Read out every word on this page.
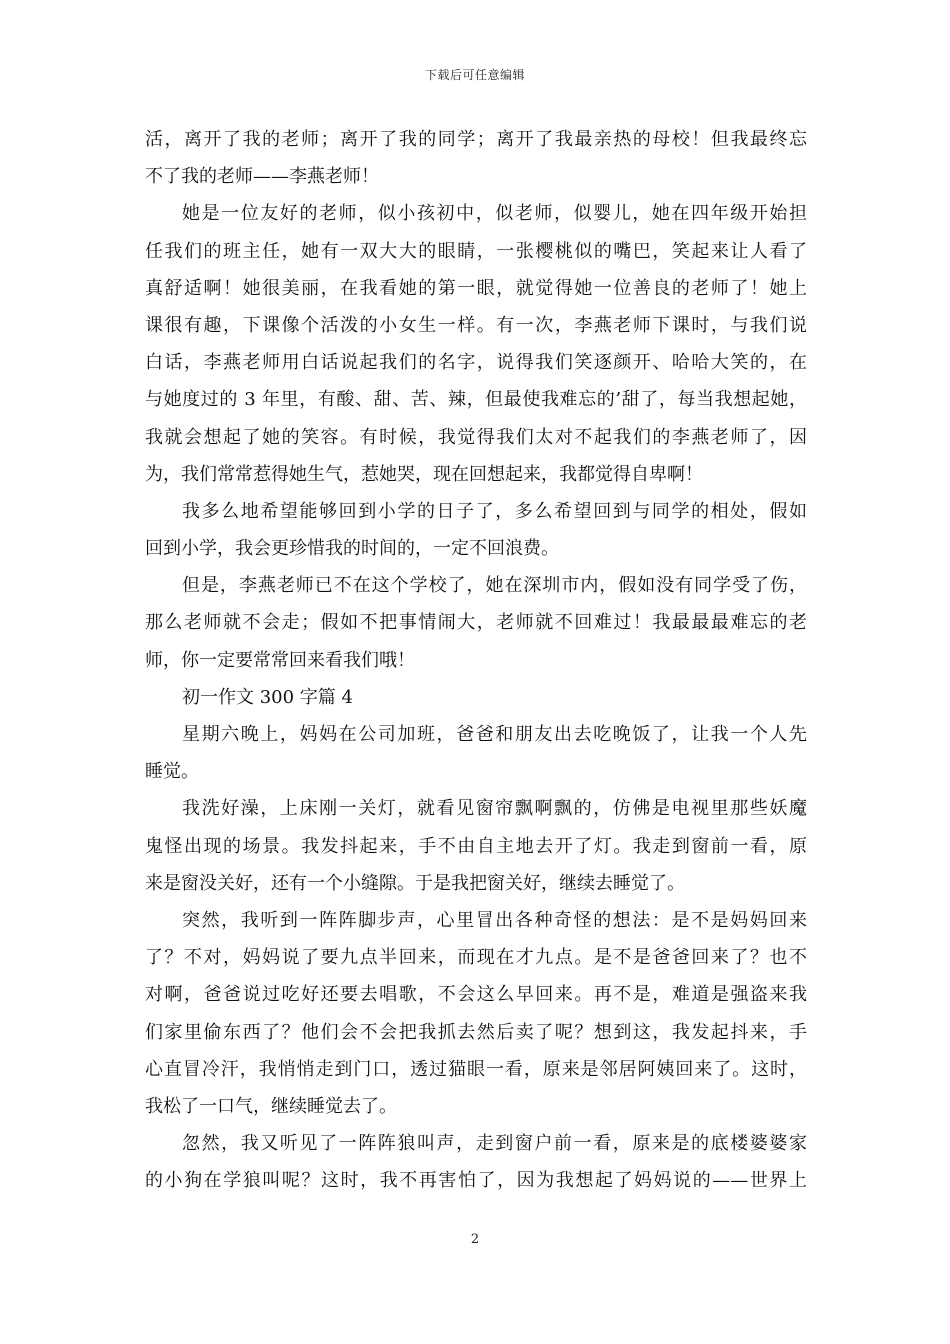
下载后可任意编辑
活，离开了我的老师；离开了我的同学；离开了我最亲热的母校！但我最终忘
不了我的老师——李燕老师！
她是一位友好的老师，似小孩初中，似老师，似婴儿，她在四年级开始担
任我们的班主任，她有一双大大的眼睛，一张樱桃似的嘴巴，笑起来让人看了
真舒适啊！她很美丽，在我看她的第一眼，就觉得她一位善良的老师了！她上
课很有趣，下课像个活泼的小女生一样。有一次，李燕老师下课时，与我们说
白话，李燕老师用白话说起我们的名字，说得我们笑逐颜开、哈哈大笑的，在
与她度过的 3 年里，有酸、甜、苦、辣，但最使我难忘的’甜了，每当我想起她，
我就会想起了她的笑容。有时候，我觉得我们太对不起我们的李燕老师了，因
为，我们常常惹得她生气，惹她哭，现在回想起来，我都觉得自卑啊！
我多么地希望能够回到小学的日子了，多么希望回到与同学的相处，假如
回到小学，我会更珍惜我的时间的，一定不回浪费。
但是，李燕老师已不在这个学校了，她在深圳市内，假如没有同学受了伤，
那么老师就不会走；假如不把事情闹大，老师就不回难过！我最最最难忘的老
师，你一定要常常回来看我们哦！
初一作文 300 字篇 4
星期六晚上，妈妈在公司加班，爸爸和朋友出去吃晚饭了，让我一个人先
睡觉。
我洗好澡，上床刚一关灯，就看见窗帘飘啊飘的，仿佛是电视里那些妖魔
鬼怪出现的场景。我发抖起来，手不由自主地去开了灯。我走到窗前一看，原
来是窗没关好，还有一个小缝隙。于是我把窗关好，继续去睡觉了。
突然，我听到一阵阵脚步声，心里冒出各种奇怪的想法：是不是妈妈回来
了？不对，妈妈说了要九点半回来，而现在才九点。是不是爸爸回来了？也不
对啊，爸爸说过吃好还要去唱歌，不会这么早回来。再不是，难道是强盗来我
们家里偷东西了？他们会不会把我抓去然后卖了呢？想到这，我发起抖来，手
心直冒冷汗，我悄悄走到门口，透过猫眼一看，原来是邻居阿姨回来了。这时，
我松了一口气，继续睡觉去了。
忽然，我又听见了一阵阵狼叫声，走到窗户前一看，原来是的底楼婆婆家
的小狗在学狼叫呢？这时，我不再害怕了，因为我想起了妈妈说的——世界上
2
